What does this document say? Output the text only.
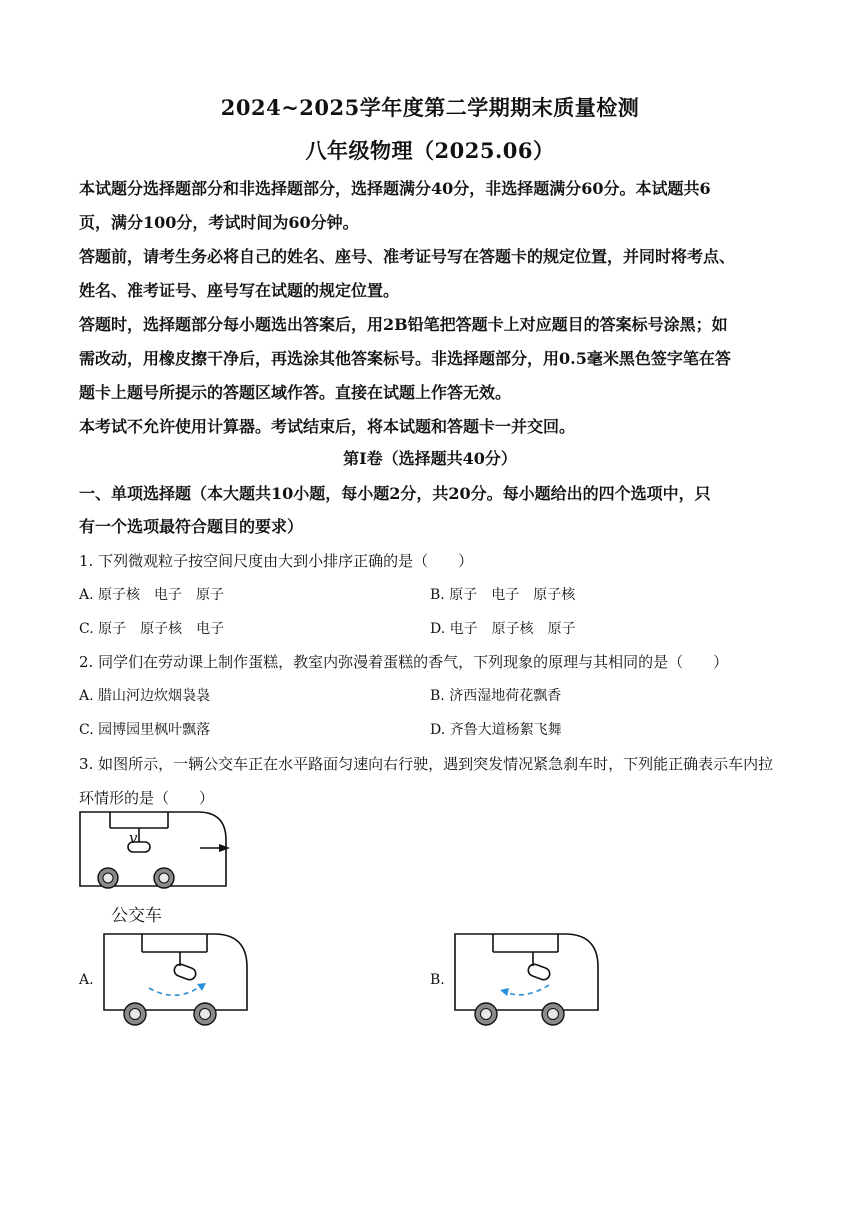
2024~2025学年度第二学期期末质量检测
八年级物理（2025.06）
本试题分选择题部分和非选择题部分，选择题满分40分，非选择题满分60分。本试题共6
页，满分100分，考试时间为60分钟。
答题前，请考生务必将自己的姓名、座号、准考证号写在答题卡的规定位置，并同时将考点、
姓名、准考证号、座号写在试题的规定位置。
答题时，选择题部分每小题选出答案后，用2B铅笔把答题卡上对应题目的答案标号涂黑；如
需改动，用橡皮擦干净后，再选涂其他答案标号。非选择题部分，用0.5毫米黑色签字笔在答
题卡上题号所提示的答题区域作答。直接在试题上作答无效。
本考试不允许使用计算器。考试结束后，将本试题和答题卡一并交回。
第Ⅰ卷（选择题共40分）
一、单项选择题（本大题共10小题，每小题2分，共20分。每小题给出的四个选项中，只
有一个选项最符合题目的要求）
1. 下列微观粒子按空间尺度由大到小排序正确的是（　　）
A. 原子核　电子　原子	B. 原子　电子　原子核
C. 原子　原子核　电子	D. 电子　原子核　原子
2. 同学们在劳动课上制作蛋糕，教室内弥漫着蛋糕的香气，下列现象的原理与其相同的是（　　）
A. 腊山河边炊烟袅袅	B. 济西湿地荷花飘香
C. 园博园里枫叶飘落	D. 齐鲁大道杨絮飞舞
3. 如图所示，一辆公交车正在水平路面匀速向右行驶，遇到突发情况紧急刹车时，下列能正确表示车内拉
环情形的是（　　）
v
公交车
A.	B.
